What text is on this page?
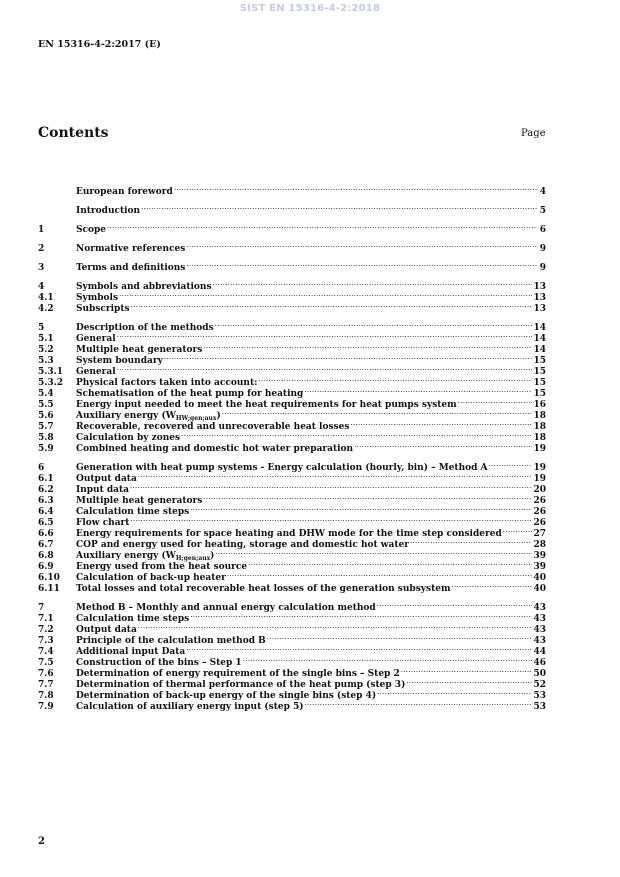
SIST EN 15316-4-2:2018
EN 15316-4-2:2017 (E)
Contents	Page
European foreword .....	4
Introduction .....	5
1	Scope .....	6
2	Normative references .....	9
3	Terms and definitions .....	9
4	Symbols and abbreviations .....	13
4.1	Symbols .....	13
4.2	Subscripts .....	13
5	Description of the methods .....	14
5.1	General .....	14
5.2	Multiple heat generators .....	14
5.3	System boundary .....	15
5.3.1	General .....	15
5.3.2	Physical factors taken into account: .....	15
5.4	Schematisation of the heat pump for heating .....	15
5.5	Energy input needed to meet the heat requirements for heat pumps system .....	16
5.6	Auxiliary energy $(W_{HW;gen;aux})$ .....	18
5.7	Recoverable, recovered and unrecoverable heat losses .....	18
5.8	Calculation by zones .....	18
5.9	Combined heating and domestic hot water preparation .....	19
6	Generation with heat pump systems - Energy calculation (hourly, bin) – Method A .....	19
6.1	Output data .....	19
6.2	Input data .....	20
6.3	Multiple heat generators .....	26
6.4	Calculation time steps .....	26
6.5	Flow chart .....	26
6.6	Energy requirements for space heating and DHW mode for the time step considered .....	27
6.7	COP and energy used for heating, storage and domestic hot water .....	28
6.8	Auxiliary energy $(W_{H;gen;aux})$ .....	39
6.9	Energy used from the heat source .....	39
6.10	Calculation of back-up heater .....	40
6.11	Total losses and total recoverable heat losses of the generation subsystem .....	40
7	Method B – Monthly and annual energy calculation method .....	43
7.1	Calculation time steps .....	43
7.2	Output data .....	43
7.3	Principle of the calculation method B .....	43
7.4	Additional input Data .....	44
7.5	Construction of the bins – Step 1 .....	46
7.6	Determination of energy requirement of the single bins – Step 2 .....	50
7.7	Determination of thermal performance of the heat pump (step 3) .....	52
7.8	Determination of back-up energy of the single bins (step 4) .....	53
7.9	Calculation of auxiliary energy input (step 5) .....	53
2
